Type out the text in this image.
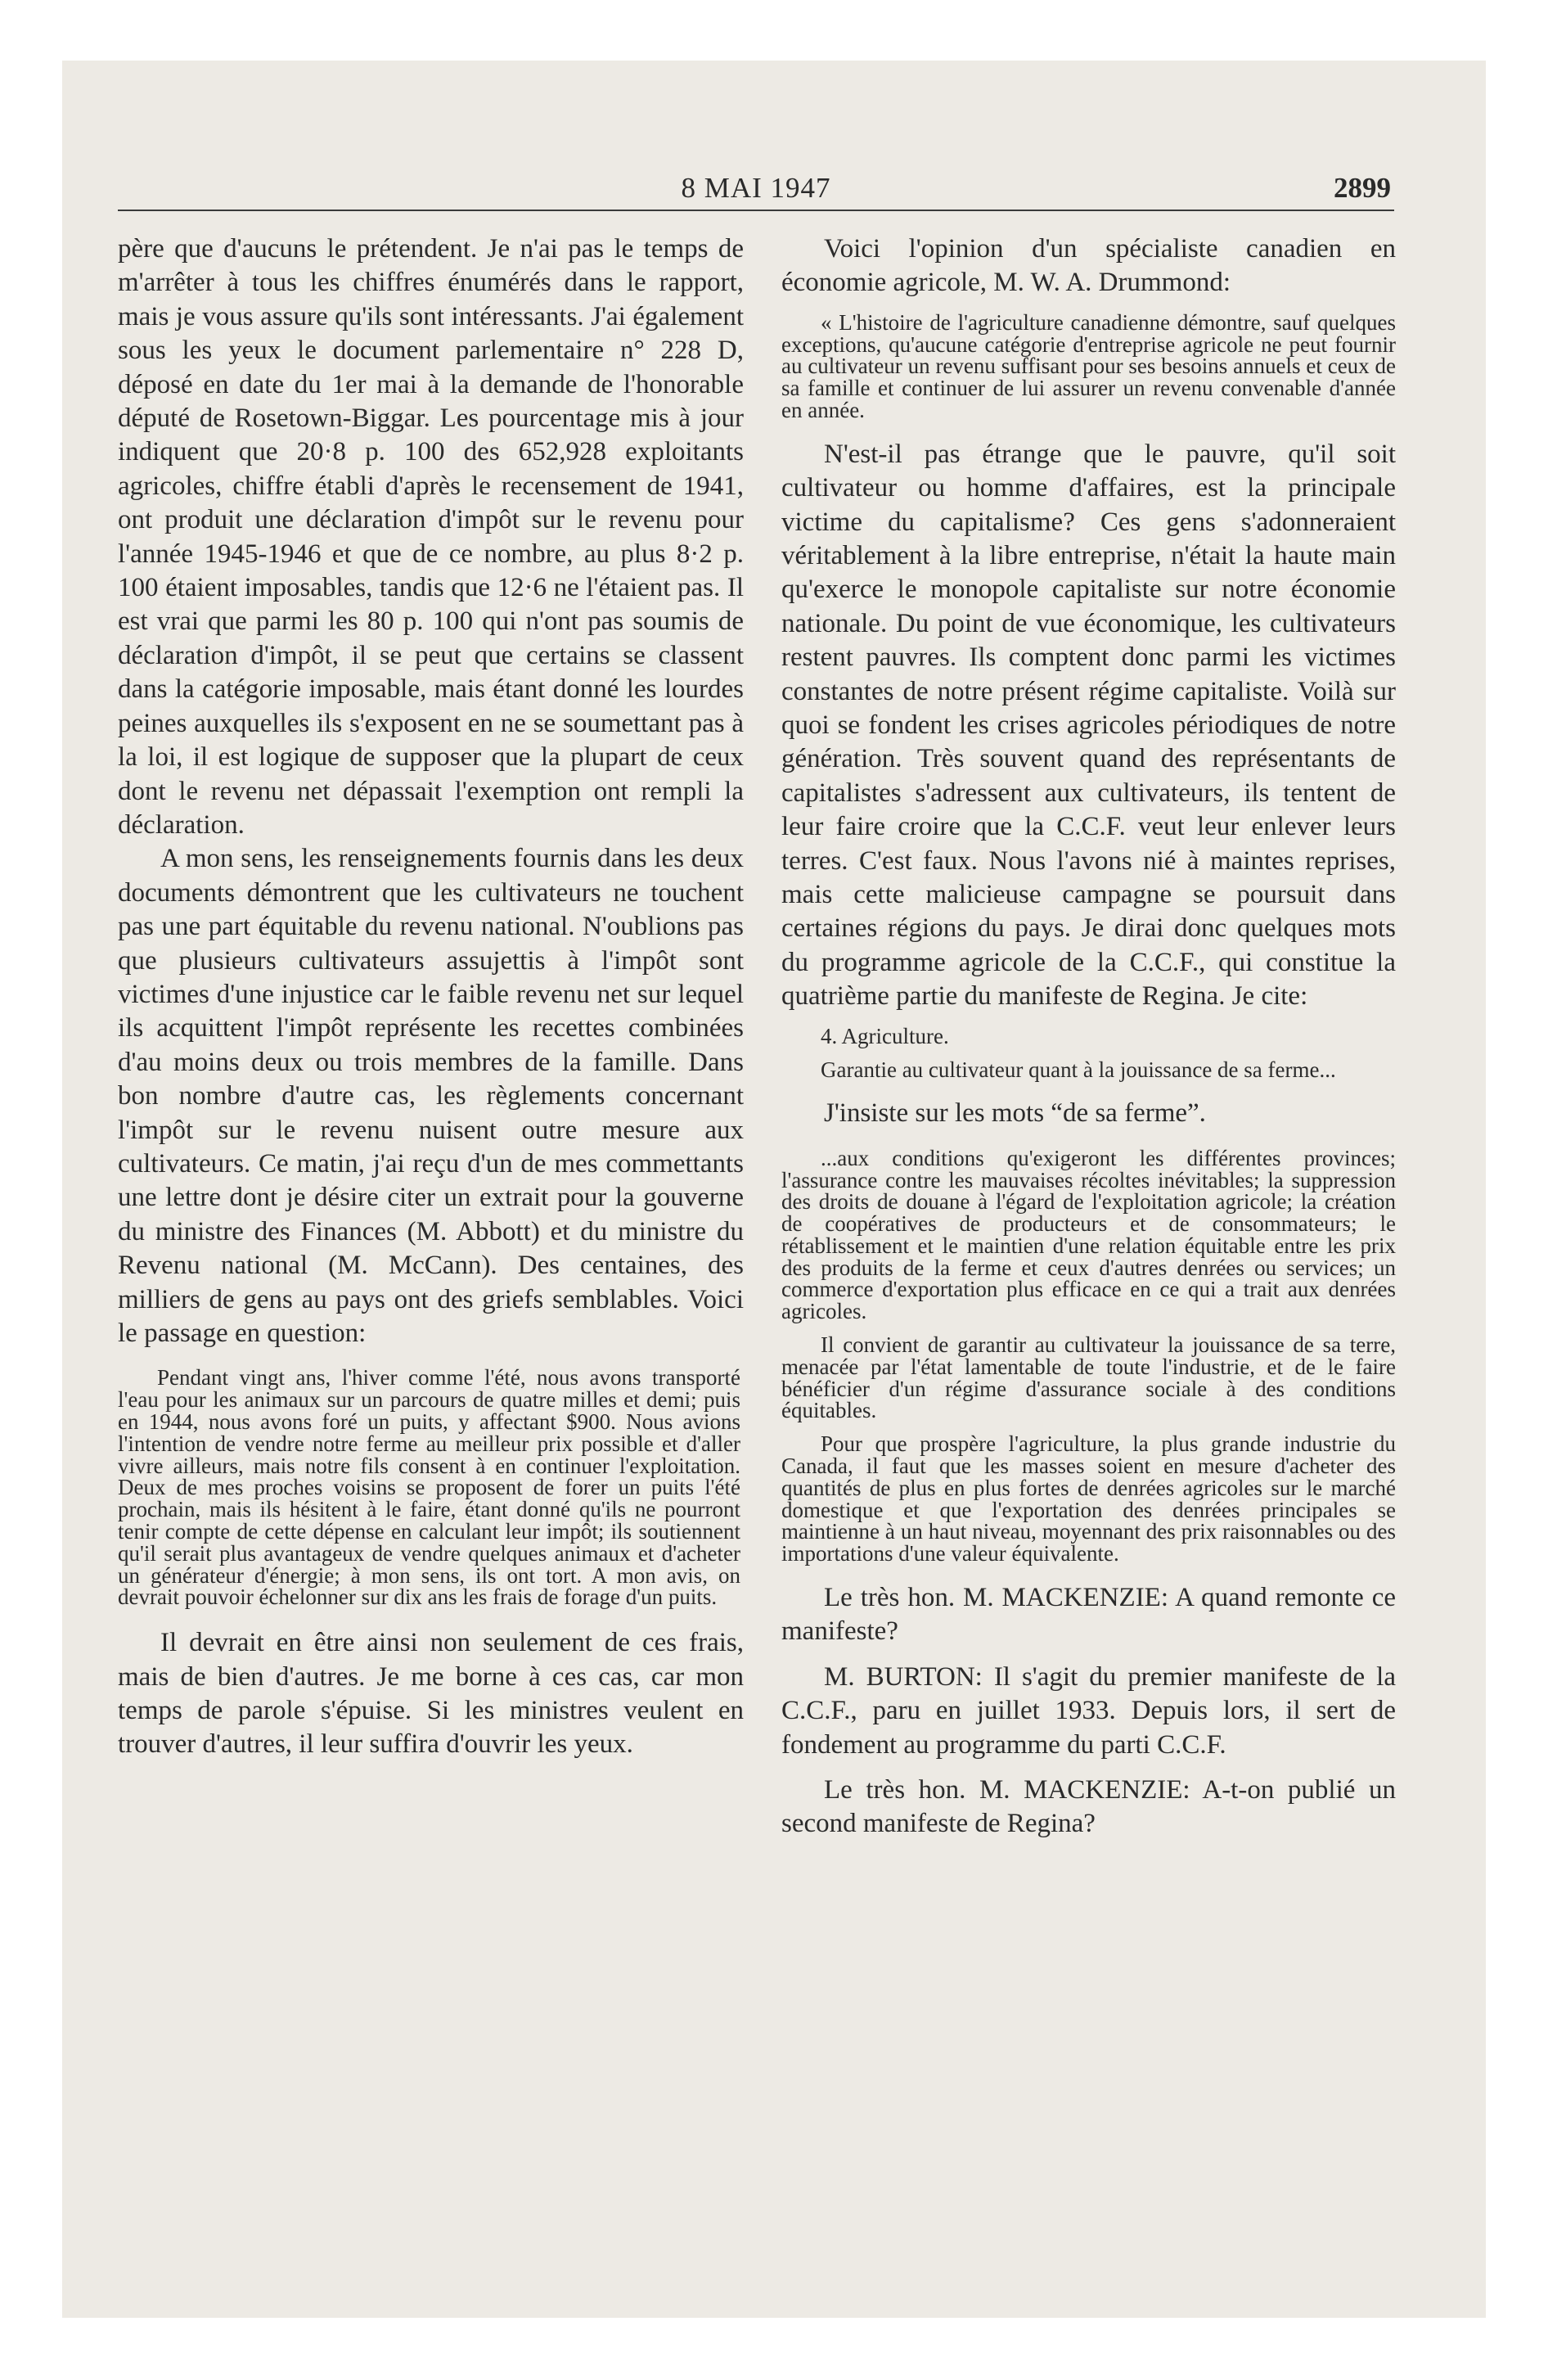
8 MAI 1947	2899

père que d'aucuns le prétendent. Je n'ai pas le temps de m'arrêter à tous les chiffres énumérés dans le rapport, mais je vous assure qu'ils sont intéressants. J'ai également sous les yeux le document parlementaire n° 228 D, déposé en date du 1er mai à la demande de l'honorable député de Rosetown-Biggar. Les pourcentage mis à jour indiquent que 20·8 p. 100 des 652,928 exploitants agricoles, chiffre établi d'après le recensement de 1941, ont produit une déclaration d'impôt sur le revenu pour l'année 1945-1946 et que de ce nombre, au plus 8·2 p. 100 étaient imposables, tandis que 12·6 ne l'étaient pas. Il est vrai que parmi les 80 p. 100 qui n'ont pas soumis de déclaration d'impôt, il se peut que certains se classent dans la catégorie imposable, mais étant donné les lourdes peines auxquelles ils s'exposent en ne se soumettant pas à la loi, il est logique de supposer que la plupart de ceux dont le revenu net dépassait l'exemption ont rempli la déclaration.

A mon sens, les renseignements fournis dans les deux documents démontrent que les cultivateurs ne touchent pas une part équitable du revenu national. N'oublions pas que plusieurs cultivateurs assujettis à l'impôt sont victimes d'une injustice car le faible revenu net sur lequel ils acquittent l'impôt représente les recettes combinées d'au moins deux ou trois membres de la famille. Dans bon nombre d'autre cas, les règlements concernant l'impôt sur le revenu nuisent outre mesure aux cultivateurs. Ce matin, j'ai reçu d'un de mes commettants une lettre dont je désire citer un extrait pour la gouverne du ministre des Finances (M. Abbott) et du ministre du Revenu national (M. McCann). Des centaines, des milliers de gens au pays ont des griefs semblables. Voici le passage en question:

Pendant vingt ans, l'hiver comme l'été, nous avons transporté l'eau pour les animaux sur un parcours de quatre milles et demi; puis en 1944, nous avons foré un puits, y affectant $900. Nous avions l'intention de vendre notre ferme au meilleur prix possible et d'aller vivre ailleurs, mais notre fils consent à en continuer l'exploitation. Deux de mes proches voisins se proposent de forer un puits l'été prochain, mais ils hésitent à le faire, étant donné qu'ils ne pourront tenir compte de cette dépense en calculant leur impôt; ils soutiennent qu'il serait plus avantageux de vendre quelques animaux et d'acheter un générateur d'énergie; à mon sens, ils ont tort. A mon avis, on devrait pouvoir échelonner sur dix ans les frais de forage d'un puits.

Il devrait en être ainsi non seulement de ces frais, mais de bien d'autres. Je me borne à ces cas, car mon temps de parole s'épuise. Si les ministres veulent en trouver d'autres, il leur suffira d'ouvrir les yeux.

Voici l'opinion d'un spécialiste canadien en économie agricole, M. W. A. Drummond:

« L'histoire de l'agriculture canadienne démontre, sauf quelques exceptions, qu'aucune catégorie d'entreprise agricole ne peut fournir au cultivateur un revenu suffisant pour ses besoins annuels et ceux de sa famille et continuer de lui assurer un revenu convenable d'année en année.

N'est-il pas étrange que le pauvre, qu'il soit cultivateur ou homme d'affaires, est la principale victime du capitalisme? Ces gens s'adonneraient véritablement à la libre entreprise, n'était la haute main qu'exerce le monopole capitaliste sur notre économie nationale. Du point de vue économique, les cultivateurs restent pauvres. Ils comptent donc parmi les victimes constantes de notre présent régime capitaliste. Voilà sur quoi se fondent les crises agricoles périodiques de notre génération. Très souvent quand des représentants de capitalistes s'adressent aux cultivateurs, ils tentent de leur faire croire que la C.C.F. veut leur enlever leurs terres. C'est faux. Nous l'avons nié à maintes reprises, mais cette malicieuse campagne se poursuit dans certaines régions du pays. Je dirai donc quelques mots du programme agricole de la C.C.F., qui constitue la quatrième partie du manifeste de Regina. Je cite:

4. Agriculture.

Garantie au cultivateur quant à la jouissance de sa ferme...

J'insiste sur les mots “de sa ferme”.

...aux conditions qu'exigeront les différentes provinces; l'assurance contre les mauvaises récoltes inévitables; la suppression des droits de douane à l'égard de l'exploitation agricole; la création de coopératives de producteurs et de consommateurs; le rétablissement et le maintien d'une relation équitable entre les prix des produits de la ferme et ceux d'autres denrées ou services; un commerce d'exportation plus efficace en ce qui a trait aux denrées agricoles.

Il convient de garantir au cultivateur la jouissance de sa terre, menacée par l'état lamentable de toute l'industrie, et de le faire bénéficier d'un régime d'assurance sociale à des conditions équitables.

Pour que prospère l'agriculture, la plus grande industrie du Canada, il faut que les masses soient en mesure d'acheter des quantités de plus en plus fortes de denrées agricoles sur le marché domestique et que l'exportation des denrées principales se maintienne à un haut niveau, moyennant des prix raisonnables ou des importations d'une valeur équivalente.

Le très hon. M. MACKENZIE: A quand remonte ce manifeste?

M. BURTON: Il s'agit du premier manifeste de la C.C.F., paru en juillet 1933. Depuis lors, il sert de fondement au programme du parti C.C.F.

Le très hon. M. MACKENZIE: A-t-on publié un second manifeste de Regina?
